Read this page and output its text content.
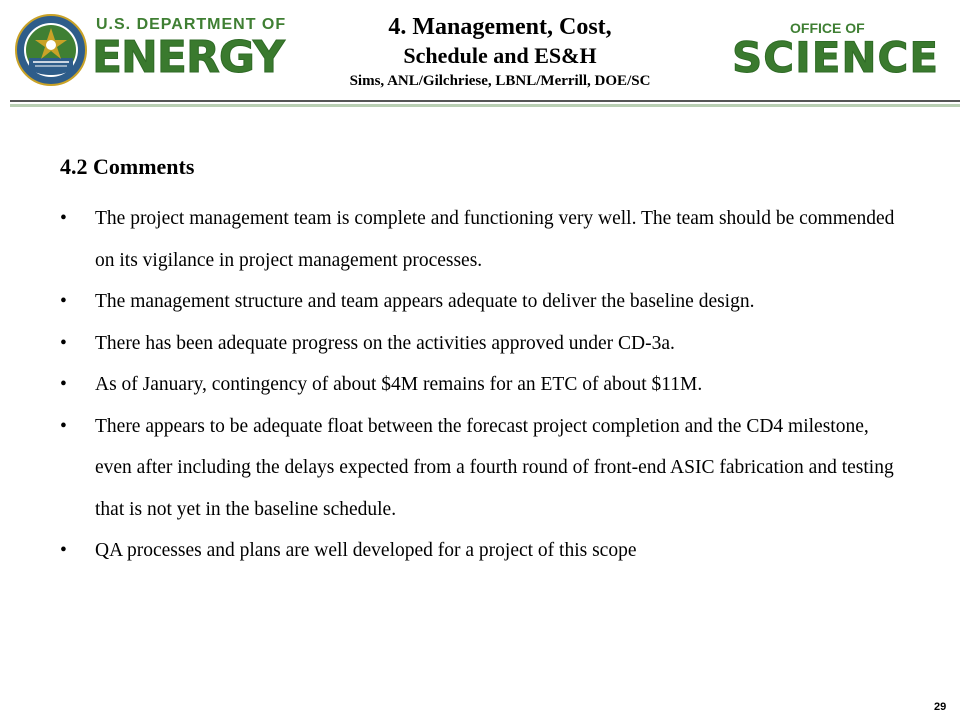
U.S. DEPARTMENT OF
ENERGY
4. Management, Cost,
Schedule and ES&H
Sims, ANL/Gilchriese, LBNL/Merrill, DOE/SC
OFFICE OF
SCIENCE
4.2 Comments
• The project management team is complete and functioning very well. The team should be commended on its vigilance in project management processes.
• The management structure and team appears adequate to deliver the baseline design.
• There has been adequate progress on the activities approved under CD-3a.
• As of January, contingency of about $4M remains for an ETC of about $11M.
• There appears to be adequate float between the forecast project completion and the CD4 milestone, even after including the delays expected from a fourth round of front-end ASIC fabrication and testing that is not yet in the baseline schedule.
• QA processes and plans are well developed for a project of this scope
29
